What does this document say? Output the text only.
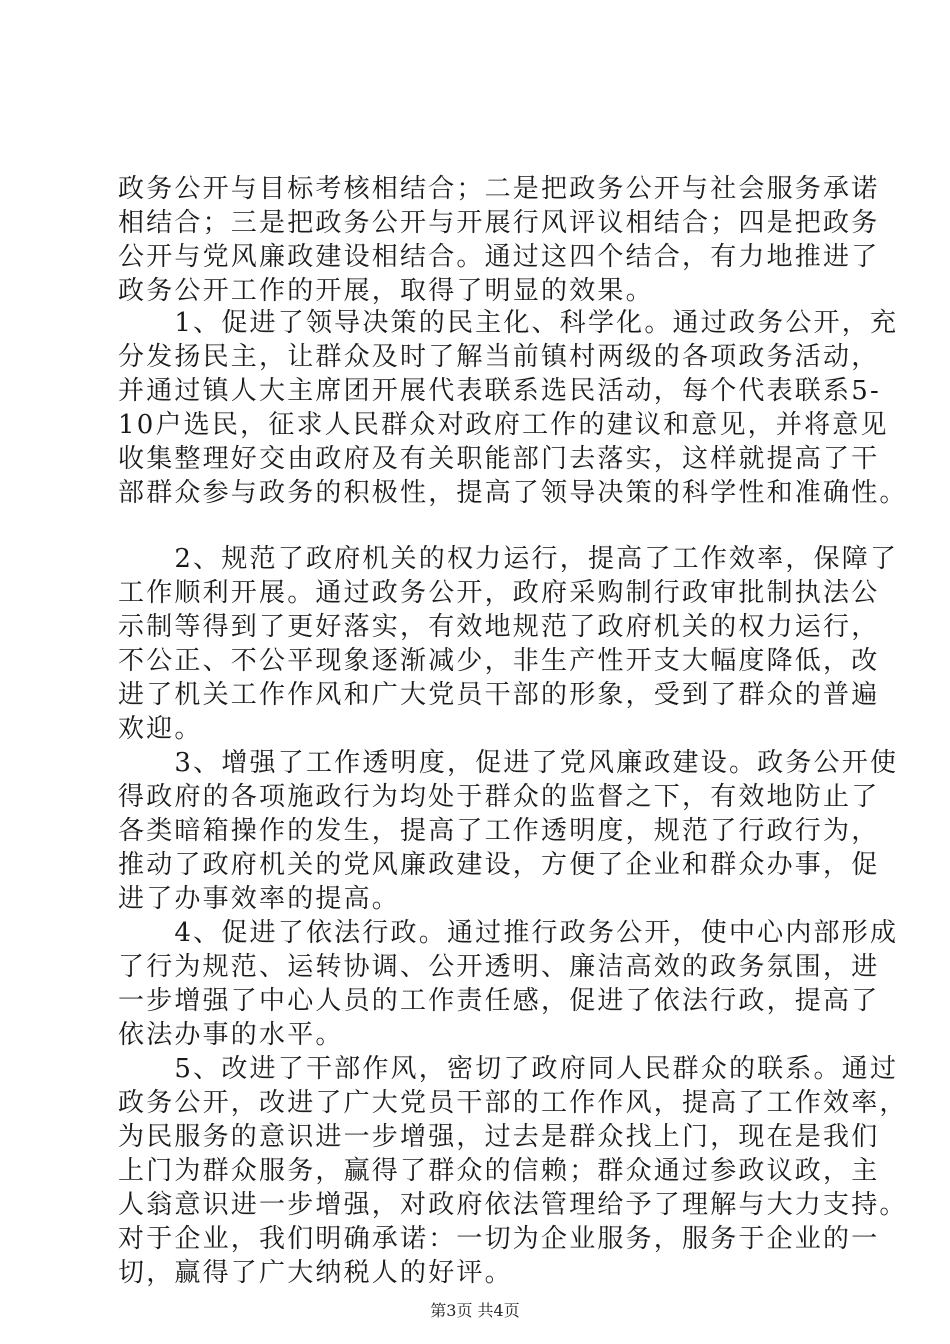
政务公开与目标考核相结合；二是把政务公开与社会服务承诺
相结合；三是把政务公开与开展行风评议相结合；四是把政务
公开与党风廉政建设相结合。通过这四个结合，有力地推进了
政务公开工作的开展，取得了明显的效果。
　　1、促进了领导决策的民主化、科学化。通过政务公开，充
分发扬民主，让群众及时了解当前镇村两级的各项政务活动，
并通过镇人大主席团开展代表联系选民活动，每个代表联系5-
10户选民，征求人民群众对政府工作的建议和意见，并将意见
收集整理好交由政府及有关职能部门去落实，这样就提高了干
部群众参与政务的积极性，提高了领导决策的科学性和准确性。
　　2、规范了政府机关的权力运行，提高了工作效率，保障了
工作顺利开展。通过政务公开，政府采购制行政审批制执法公
示制等得到了更好落实，有效地规范了政府机关的权力运行，
不公正、不公平现象逐渐减少，非生产性开支大幅度降低，改
进了机关工作作风和广大党员干部的形象，受到了群众的普遍
欢迎。
　　3、增强了工作透明度，促进了党风廉政建设。政务公开使
得政府的各项施政行为均处于群众的监督之下，有效地防止了
各类暗箱操作的发生，提高了工作透明度，规范了行政行为，
推动了政府机关的党风廉政建设，方便了企业和群众办事，促
进了办事效率的提高。
　　4、促进了依法行政。通过推行政务公开，使中心内部形成
了行为规范、运转协调、公开透明、廉洁高效的政务氛围，进
一步增强了中心人员的工作责任感，促进了依法行政，提高了
依法办事的水平。
　　5、改进了干部作风，密切了政府同人民群众的联系。通过
政务公开，改进了广大党员干部的工作作风，提高了工作效率，
为民服务的意识进一步增强，过去是群众找上门，现在是我们
上门为群众服务，赢得了群众的信赖；群众通过参政议政，主
人翁意识进一步增强，对政府依法管理给予了理解与大力支持。
对于企业，我们明确承诺：一切为企业服务，服务于企业的一
切，赢得了广大纳税人的好评。
第3页 共4页
